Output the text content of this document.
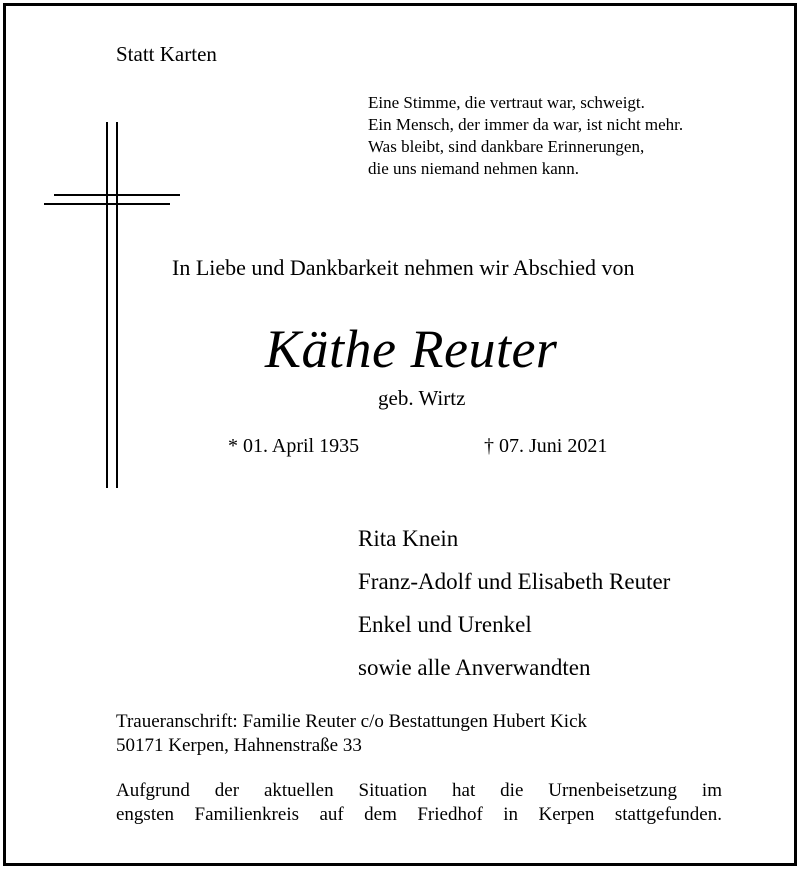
Statt Karten
Eine Stimme, die vertraut war, schweigt.
Ein Mensch, der immer da war, ist nicht mehr.
Was bleibt, sind dankbare Erinnerungen,
die uns niemand nehmen kann.
In Liebe und Dankbarkeit nehmen wir Abschied von
Käthe Reuter
geb. Wirtz
* 01. April 1935	† 07. Juni 2021
Rita Knein
Franz-Adolf und Elisabeth Reuter
Enkel und Urenkel
sowie alle Anverwandten
Traueranschrift: Familie Reuter c/o Bestattungen Hubert Kick
50171 Kerpen, Hahnenstraße 33
Aufgrund der aktuellen Situation hat die Urnenbeisetzung im
engsten Familienkreis auf dem Friedhof in Kerpen stattgefunden.
